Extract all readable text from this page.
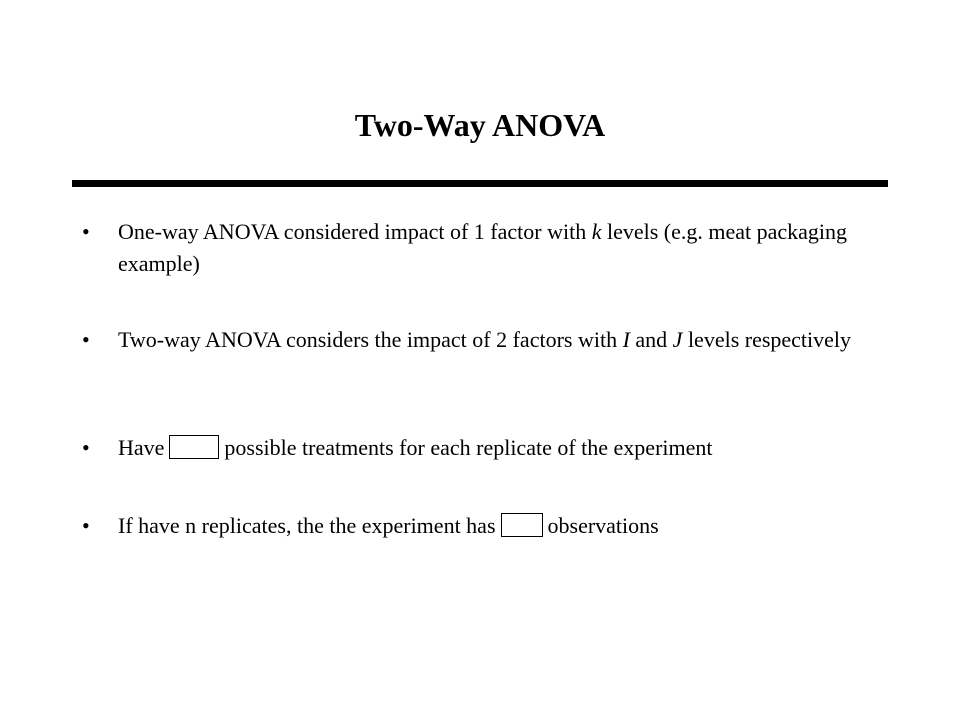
Two-Way ANOVA
•	One-way ANOVA considered impact of 1 factor with k levels (e.g. meat packaging example)
•	Two-way ANOVA considers the impact of 2 factors with I and J levels respectively
•	Have	possible treatments for each replicate of the experiment
•	If have n replicates, the the experiment has observations
